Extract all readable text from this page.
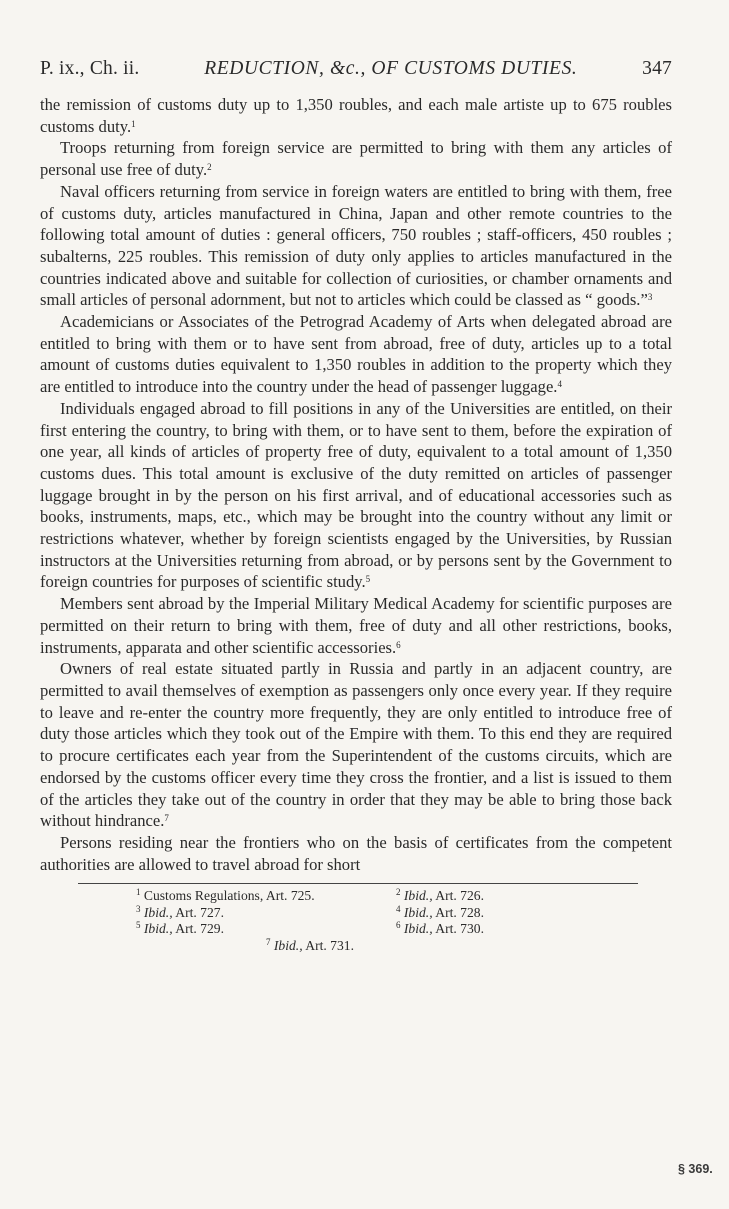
P. ix., Ch. ii.	REDUCTION, &c., OF CUSTOMS DUTIES.	347

the remission of customs duty up to 1,350 roubles, and each male artiste up to 675 roubles customs duty.$^1$

Troops returning from foreign service are permitted to bring with them any articles of personal use free of duty.$^2$

Naval officers returning from service in foreign waters are entitled to bring with them, free of customs duty, articles manufactured in China, Japan and other remote countries to the following total amount of duties : general officers, 750 roubles ; staff-officers, 450 roubles ; subalterns, 225 roubles. This remission of duty only applies to articles manufactured in the countries indicated above and suitable for collection of curiosities, or chamber ornaments and small articles of personal adornment, but not to articles which could be classed as “ goods.”$^3$

Academicians or Associates of the Petrograd Academy of Arts when delegated abroad are entitled to bring with them or to have sent from abroad, free of duty, articles up to a total amount of customs duties equivalent to 1,350 roubles in addition to the property which they are entitled to introduce into the country under the head of passenger luggage.$^4$

Individuals engaged abroad to fill positions in any of the Universities are entitled, on their first entering the country, to bring with them, or to have sent to them, before the expiration of one year, all kinds of articles of property free of duty, equivalent to a total amount of 1,350 customs dues. This total amount is exclusive of the duty remitted on articles of passenger luggage brought in by the person on his first arrival, and of educational accessories such as books, instruments, maps, etc., which may be brought into the country without any limit or restrictions whatever, whether by foreign scientists engaged by the Universities, by Russian instructors at the Universities returning from abroad, or by persons sent by the Government to foreign countries for purposes of scientific study.$^5$

Members sent abroad by the Imperial Military Medical Academy for scientific purposes are permitted on their return to bring with them, free of duty and all other restrictions, books, instruments, apparata and other scientific accessories.$^6$

Owners of real estate situated partly in Russia and partly in an adjacent country, are permitted to avail themselves of exemption as passengers only once every year. If they require to leave and re-enter the country more frequently, they are only entitled to introduce free of duty those articles which they took out of the Empire with them. To this end they are required to procure certificates each year from the Superintendent of the customs circuits, which are endorsed by the customs officer every time they cross the frontier, and a list is issued to them of the articles they take out of the country in order that they may be able to bring those back without hindrance.$^7$

Persons residing near the frontiers who on the basis of certificates from the competent authorities are allowed to travel abroad for short

$^1$ Customs Regulations, Art. 725.	$^2$ Ibid., Art. 726.
$^3$ Ibid., Art. 727.	$^4$ Ibid., Art. 728.
$^5$ Ibid., Art. 729.	$^6$ Ibid., Art. 730.
$^7$ Ibid., Art. 731.
§ 369.
